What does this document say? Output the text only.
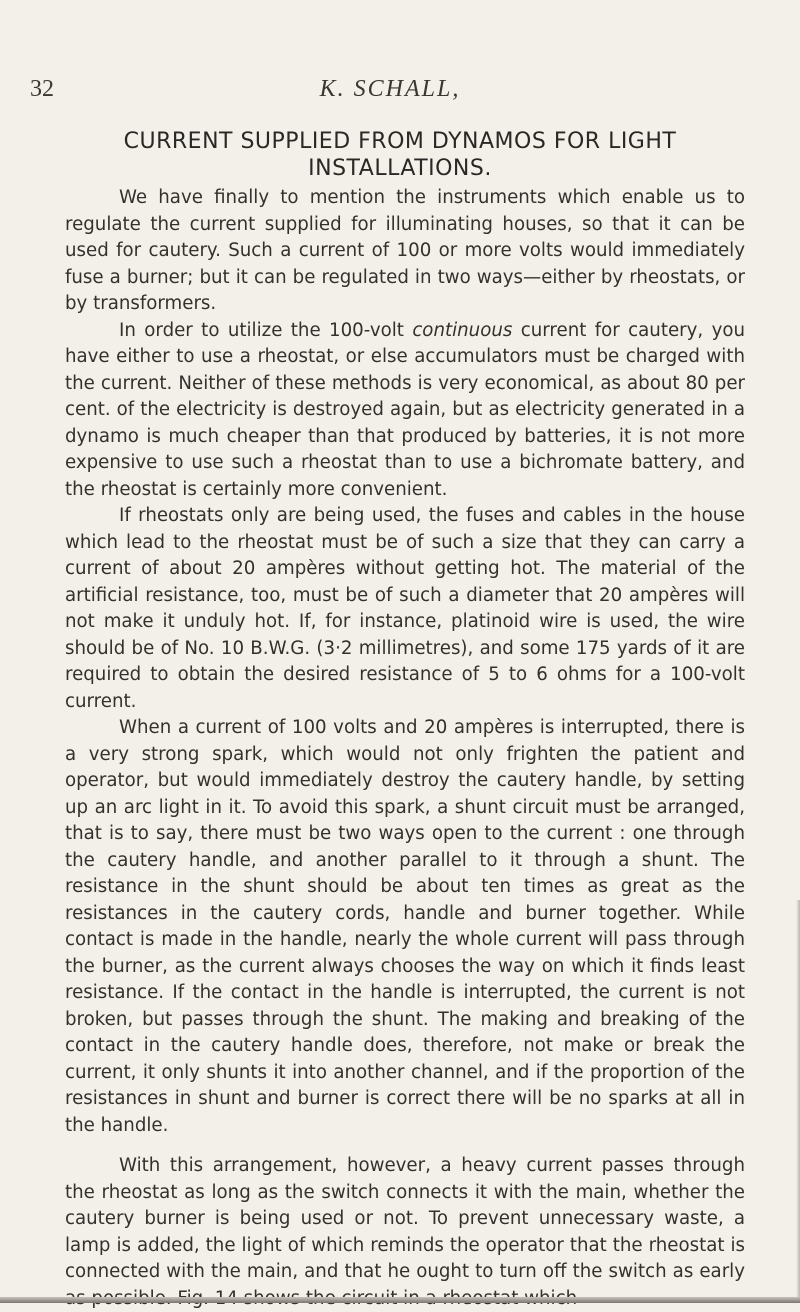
32	K. SCHALL,
CURRENT SUPPLIED FROM DYNAMOS FOR LIGHT INSTALLATIONS.

We have finally to mention the instruments which enable us to regulate the current supplied for illuminating houses, so that it can be used for cautery. Such a current of 100 or more volts would immediately fuse a burner; but it can be regulated in two ways—either by rheostats, or by transformers.

In order to utilize the 100-volt continuous current for cautery, you have either to use a rheostat, or else accumulators must be charged with the current. Neither of these methods is very economical, as about 80 per cent. of the electricity is destroyed again, but as electricity generated in a dynamo is much cheaper than that produced by batteries, it is not more expensive to use such a rheostat than to use a bichromate battery, and the rheostat is certainly more convenient.

If rheostats only are being used, the fuses and cables in the house which lead to the rheostat must be of such a size that they can carry a current of about 20 ampères without getting hot. The material of the artificial resistance, too, must be of such a diameter that 20 ampères will not make it unduly hot. If, for instance, platinoid wire is used, the wire should be of No. 10 B.W.G. (3·2 millimetres), and some 175 yards of it are required to obtain the desired resistance of 5 to 6 ohms for a 100-volt current.

When a current of 100 volts and 20 ampères is interrupted, there is a very strong spark, which would not only frighten the patient and operator, but would immediately destroy the cautery handle, by setting up an arc light in it. To avoid this spark, a shunt circuit must be arranged, that is to say, there must be two ways open to the current : one through the cautery handle, and another parallel to it through a shunt. The resistance in the shunt should be about ten times as great as the resistances in the cautery cords, handle and burner together. While contact is made in the handle, nearly the whole current will pass through the burner, as the current always chooses the way on which it finds least resistance. If the contact in the handle is interrupted, the current is not broken, but passes through the shunt. The making and breaking of the contact in the cautery handle does, therefore, not make or break the current, it only shunts it into another channel, and if the proportion of the resistances in shunt and burner is correct there will be no sparks at all in the handle.

With this arrangement, however, a heavy current passes through the rheostat as long as the switch connects it with the main, whether the cautery burner is being used or not. To prevent unnecessary waste, a lamp is added, the light of which reminds the operator that the rheostat is connected with the main, and that he ought to turn off the switch as early
